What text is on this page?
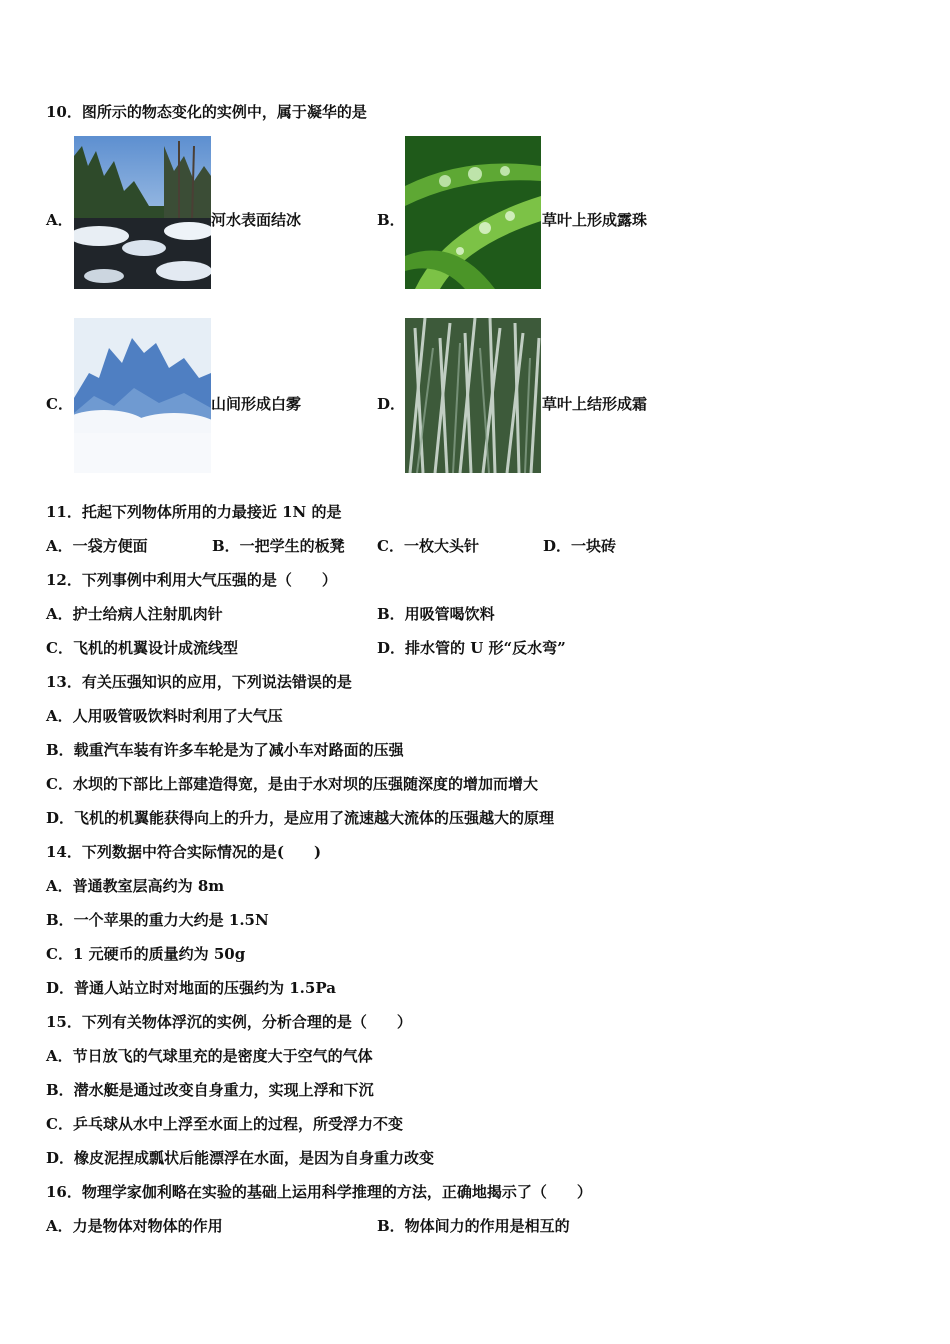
10．图所示的物态变化的实例中，属于凝华的是
A．	河水表面结冰	B．	草叶上形成露珠
C．	山间形成白雾	D．	草叶上结形成霜
11．托起下列物体所用的力最接近 1N 的是
A．一袋方便面	B．一把学生的板凳 C．一枚大头针	D．一块砖
12．下列事例中利用大气压强的是（　　）
A．护士给病人注射肌肉针	B．用吸管喝饮料
C．飞机的机翼设计成流线型	D．排水管的 U 形“反水弯”
13．有关压强知识的应用，下列说法错误的是
A．人用吸管吸饮料时利用了大气压
B．载重汽车装有许多车轮是为了减小车对路面的压强
C．水坝的下部比上部建造得宽，是由于水对坝的压强随深度的增加而增大
D．飞机的机翼能获得向上的升力，是应用了流速越大流体的压强越大的原理
14．下列数据中符合实际情况的是(　　)
A．普通教室层高约为 8m
B．一个苹果的重力大约是 1.5N
C．1 元硬币的质量约为 50g
D．普通人站立时对地面的压强约为 1.5Pa
15．下列有关物体浮沉的实例，分析合理的是（　　）
A．节日放飞的气球里充的是密度大于空气的气体
B．潜水艇是通过改变自身重力，实现上浮和下沉
C．乒乓球从水中上浮至水面上的过程，所受浮力不变
D．橡皮泥捏成瓢状后能漂浮在水面，是因为自身重力改变
16．物理学家伽利略在实验的基础上运用科学推理的方法，正确地揭示了（　　）
A．力是物体对物体的作用	B．物体间力的作用是相互的
